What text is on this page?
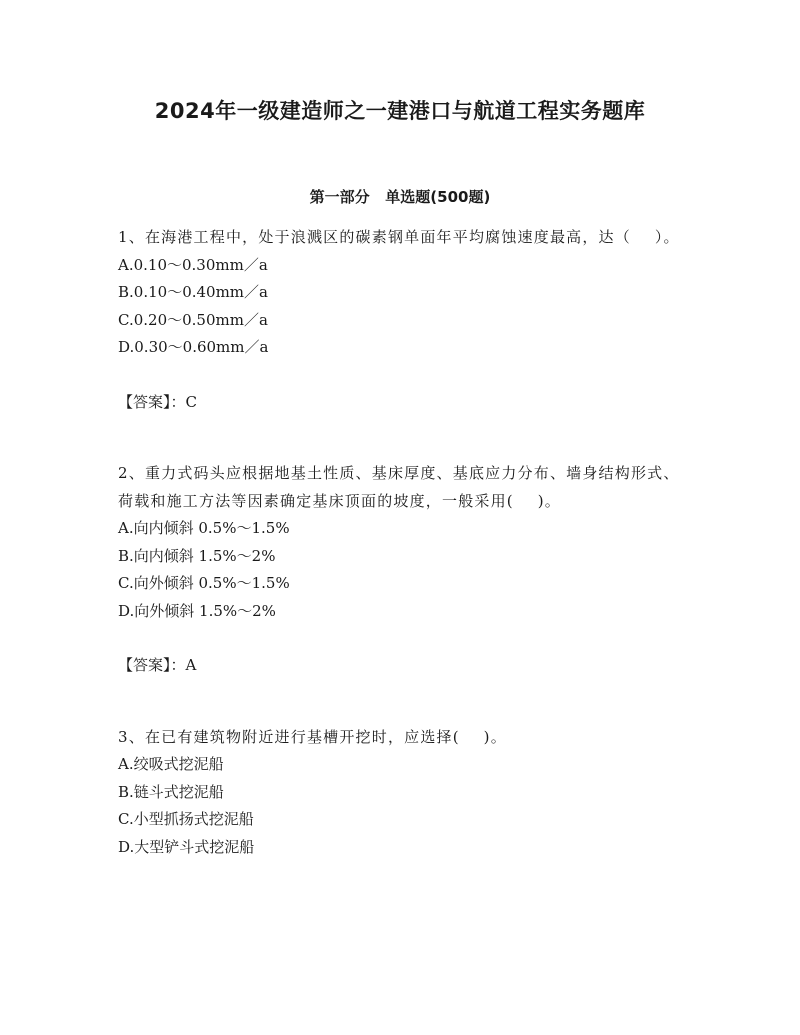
2024年一级建造师之一建港口与航道工程实务题库
第一部分   单选题(500题)

1、在海港工程中，处于浪溅区的碳素钢单面年平均腐蚀速度最高，达（    ）。

A.0.10～0.30mm／a
B.0.10～0.40mm／a
C.0.20～0.50mm／a
D.0.30～0.60mm／a

【答案】：C

2、重力式码头应根据地基土性质、基床厚度、基底应力分布、墙身结构形式、荷载和施工方法等因素确定基床顶面的坡度，一般采用(    )。

A.向内倾斜 0.5%～1.5%
B.向内倾斜 1.5%～2%
C.向外倾斜 0.5%～1.5%
D.向外倾斜 1.5%～2%

【答案】：A

3、在已有建筑物附近进行基槽开挖时，应选择(    )。

A.绞吸式挖泥船
B.链斗式挖泥船
C.小型抓扬式挖泥船
D.大型铲斗式挖泥船
